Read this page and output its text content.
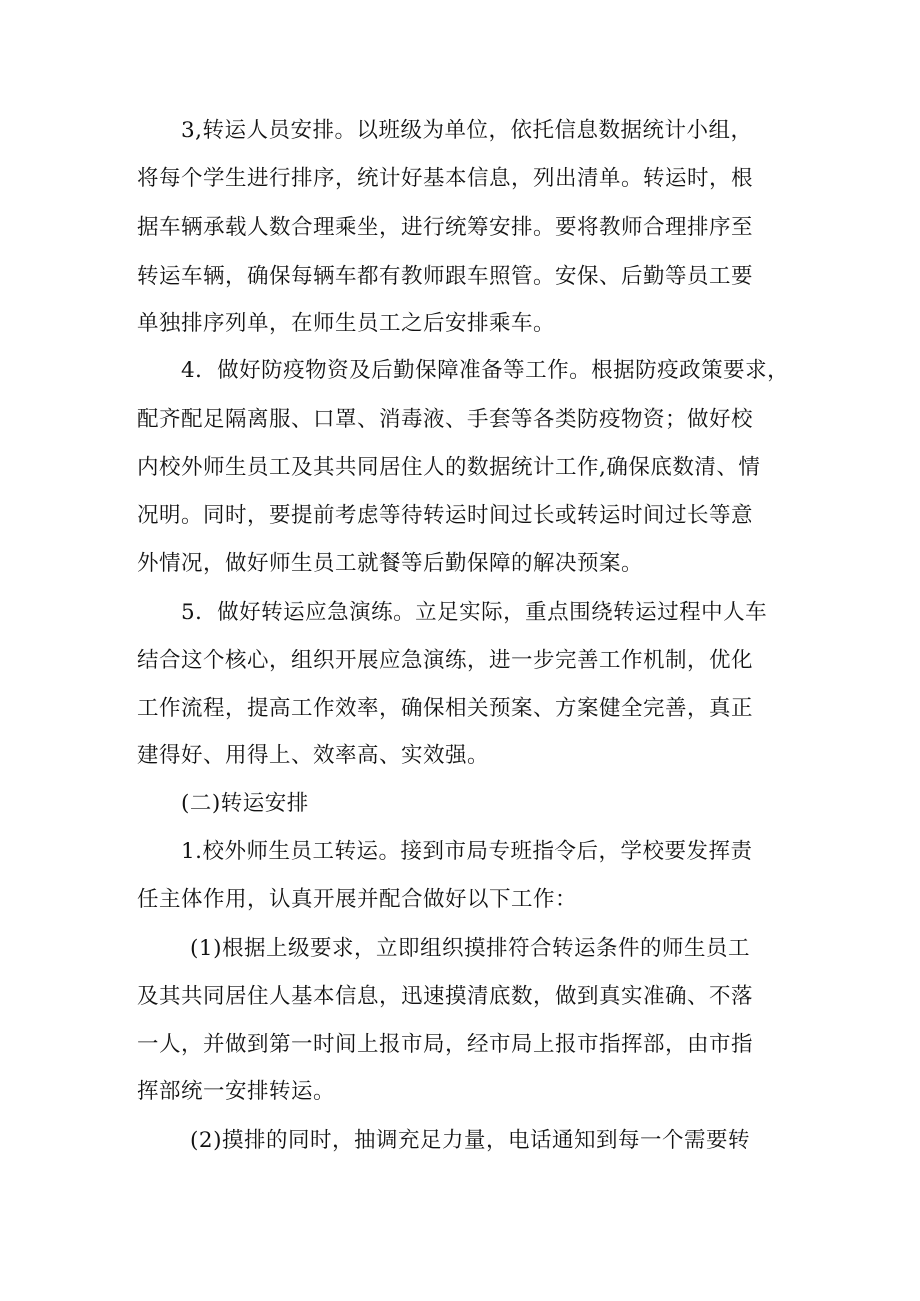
3,转运人员安排。以班级为单位，依托信息数据统计小组，
将每个学生进行排序，统计好基本信息，列出清单。转运时，根
据车辆承载人数合理乘坐，进行统筹安排。要将教师合理排序至
转运车辆，确保每辆车都有教师跟车照管。安保、后勤等员工要
单独排序列单，在师生员工之后安排乘车。
4．做好防疫物资及后勤保障准备等工作。根据防疫政策要求，
配齐配足隔离服、口罩、消毒液、手套等各类防疫物资；做好校
内校外师生员工及其共同居住人的数据统计工作,确保底数清、情
况明。同时，要提前考虑等待转运时间过长或转运时间过长等意
外情况，做好师生员工就餐等后勤保障的解决预案。
5．做好转运应急演练。立足实际，重点围绕转运过程中人车
结合这个核心，组织开展应急演练，进一步完善工作机制，优化
工作流程，提高工作效率，确保相关预案、方案健全完善，真正
建得好、用得上、效率高、实效强。
(二)转运安排
1.校外师生员工转运。接到市局专班指令后，学校要发挥责
任主体作用，认真开展并配合做好以下工作：
(1)根据上级要求，立即组织摸排符合转运条件的师生员工
及其共同居住人基本信息，迅速摸清底数，做到真实准确、不落
一人，并做到第一时间上报市局，经市局上报市指挥部，由市指
挥部统一安排转运。
(2)摸排的同时，抽调充足力量，电话通知到每一个需要转
